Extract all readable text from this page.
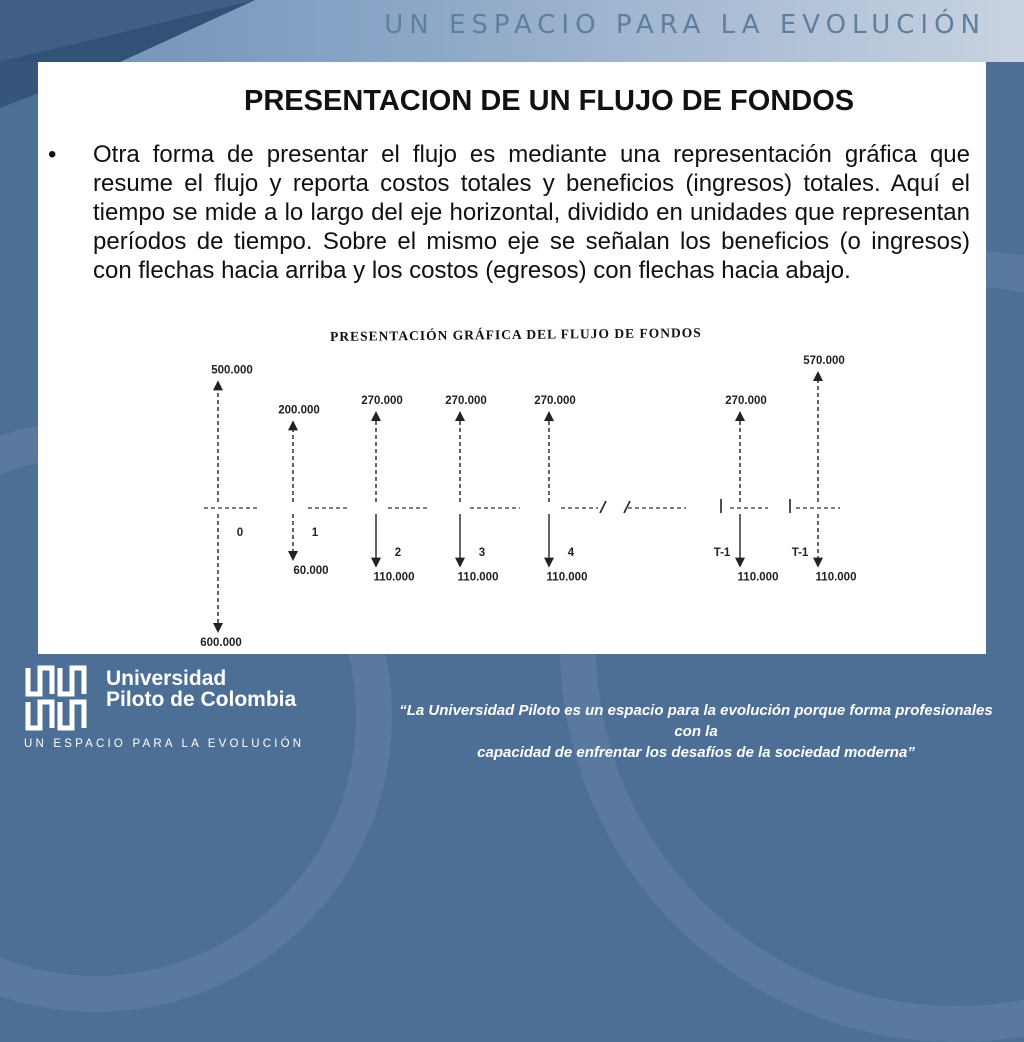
UN ESPACIO PARA LA EVOLUCIÓN
PRESENTACION DE UN FLUJO DE FONDOS
• Otra forma de presentar el flujo es mediante una representación gráfica que resume el flujo y reporta costos totales y beneficios (ingresos) totales. Aquí el tiempo se mide a lo largo del eje horizontal, dividido en unidades que representan períodos de tiempo. Sobre el mismo eje se señalan los beneficios (o ingresos) con flechas hacia arriba y los costos (egresos) con flechas hacia abajo.

PRESENTACIÓN GRÁFICA DEL FLUJO DE FONDOS
500.000
600.000
0
200.000
60.000
1
270.000
110.000
2
270.000
110.000
3
270.000
110.000
4
270.000
110.000
T-1
570.000
110.000
T-1
Universidad
Piloto de Colombia
UN ESPACIO PARA LA EVOLUCIÓN

“La Universidad Piloto es un espacio para la evolución porque forma profesionales con la
capacidad de enfrentar los desafíos de la sociedad moderna”
